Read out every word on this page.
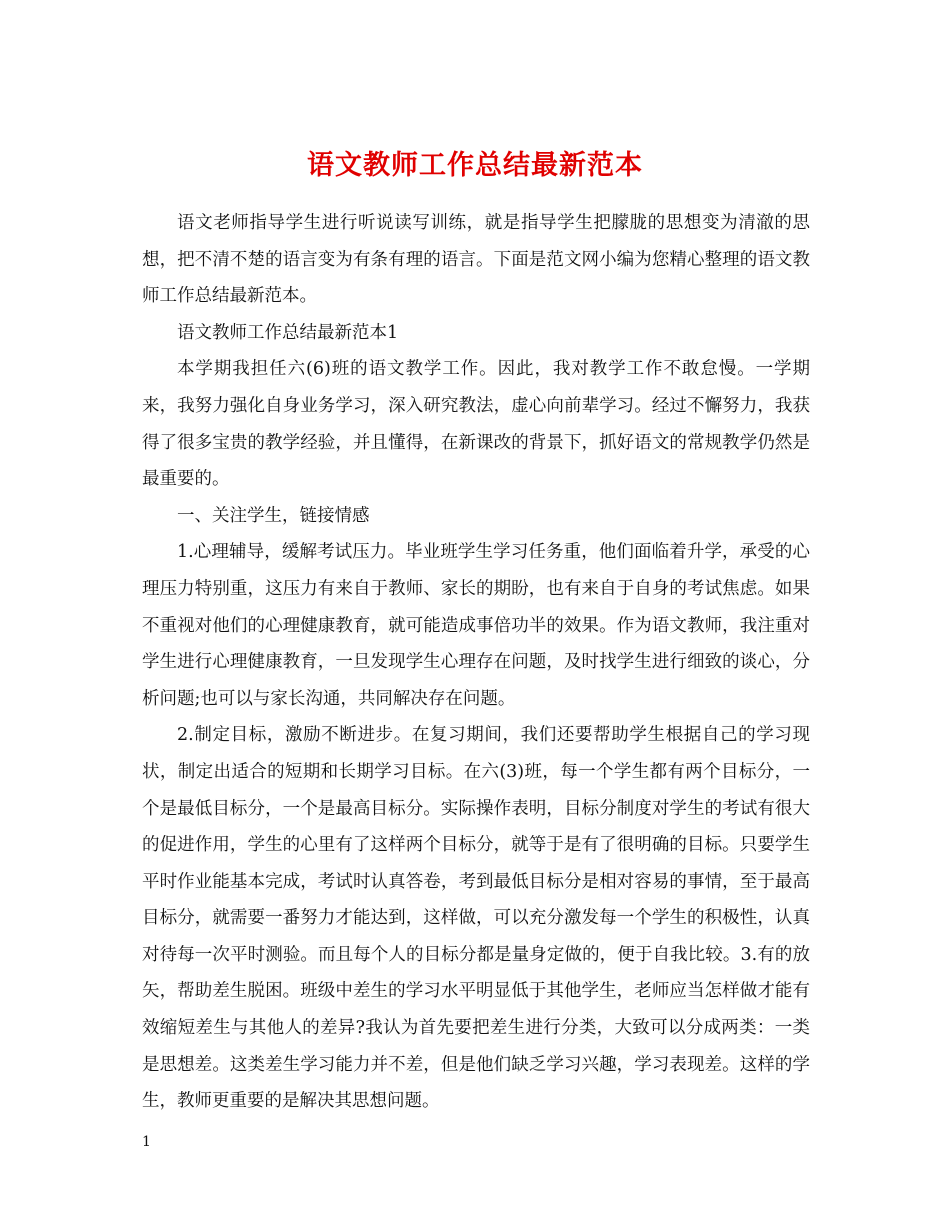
语文教师工作总结最新范本

语文老师指导学生进行听说读写训练，就是指导学生把朦胧的思想变为清澈的思想，把不清不楚的语言变为有条有理的语言。下面是范文网小编为您精心整理的语文教师工作总结最新范本。

语文教师工作总结最新范本1

本学期我担任六(6)班的语文教学工作。因此，我对教学工作不敢怠慢。一学期来，我努力强化自身业务学习，深入研究教法，虚心向前辈学习。经过不懈努力，我获得了很多宝贵的教学经验，并且懂得，在新课改的背景下，抓好语文的常规教学仍然是最重要的。

一、关注学生，链接情感

1.心理辅导，缓解考试压力。毕业班学生学习任务重，他们面临着升学，承受的心理压力特别重，这压力有来自于教师、家长的期盼，也有来自于自身的考试焦虑。如果不重视对他们的心理健康教育，就可能造成事倍功半的效果。作为语文教师，我注重对学生进行心理健康教育，一旦发现学生心理存在问题，及时找学生进行细致的谈心，分析问题;也可以与家长沟通，共同解决存在问题。

2.制定目标，激励不断进步。在复习期间，我们还要帮助学生根据自己的学习现状，制定出适合的短期和长期学习目标。在六(3)班，每一个学生都有两个目标分，一个是最低目标分，一个是最高目标分。实际操作表明，目标分制度对学生的考试有很大的促进作用，学生的心里有了这样两个目标分，就等于是有了很明确的目标。只要学生平时作业能基本完成，考试时认真答卷，考到最低目标分是相对容易的事情，至于最高目标分，就需要一番努力才能达到，这样做，可以充分激发每一个学生的积极性，认真对待每一次平时测验。而且每个人的目标分都是量身定做的，便于自我比较。3.有的放矢，帮助差生脱困。班级中差生的学习水平明显低于其他学生，老师应当怎样做才能有效缩短差生与其他人的差异?我认为首先要把差生进行分类，大致可以分成两类：一类是思想差。这类差生学习能力并不差，但是他们缺乏学习兴趣，学习表现差。这样的学生，教师更重要的是解决其思想问题。

1
